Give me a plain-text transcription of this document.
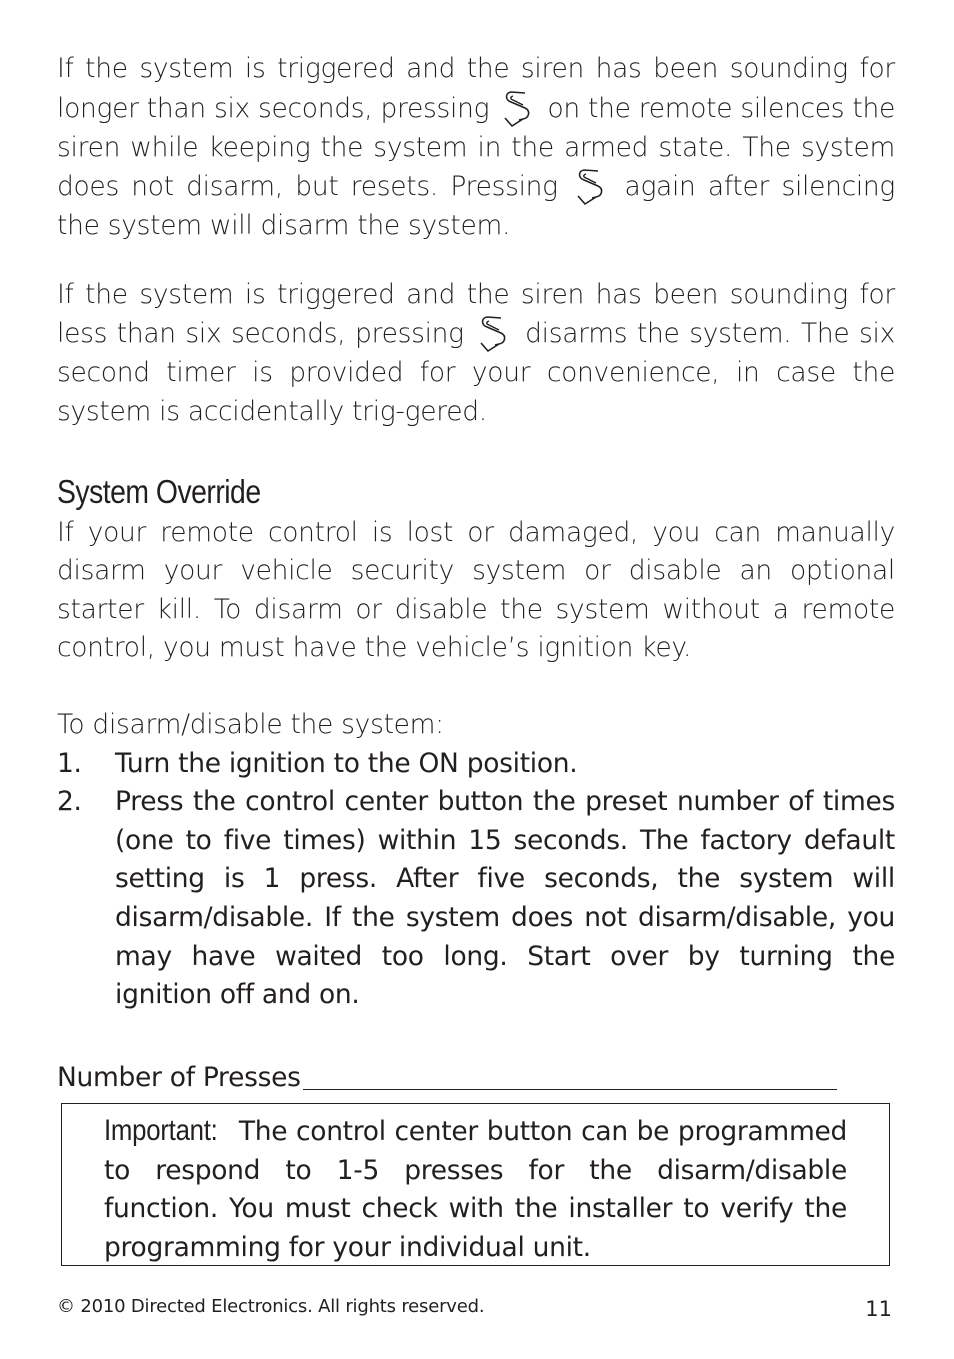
If the system is triggered and the siren has been sounding for longer than six seconds, pressing on the remote silences the siren while keeping the system in the armed state. The system does not disarm, but resets. Pressing	again after silencing the system will disarm the system.

If the system is triggered and the siren has been sounding for less than six seconds, pressing disarms the system. The six second timer is provided for your convenience, in case the system is accidentally trig-gered.

System Override

If your remote control is lost or damaged, you can manually disarm your vehicle security system or disable an optional starter kill. To disarm or disable the system without a remote control, you must have the vehicle’s ignition key.

To disarm/disable the system:

1. Turn the ignition to the ON position.
2. Press the control center button the preset number of times (one to five times) within 15 seconds. The factory default setting is 1 press. After five seconds, the system will disarm/disable. If the system does not disarm/disable, you may have waited too long. Start over by turning the ignition off and on.
Number of Presses

Important: The control center button can be programmed to respond to 1-5 presses for the disarm/disable function. You must check with the installer to verify the programming for your individual unit.

© 2010 Directed Electronics. All rights reserved.	11
